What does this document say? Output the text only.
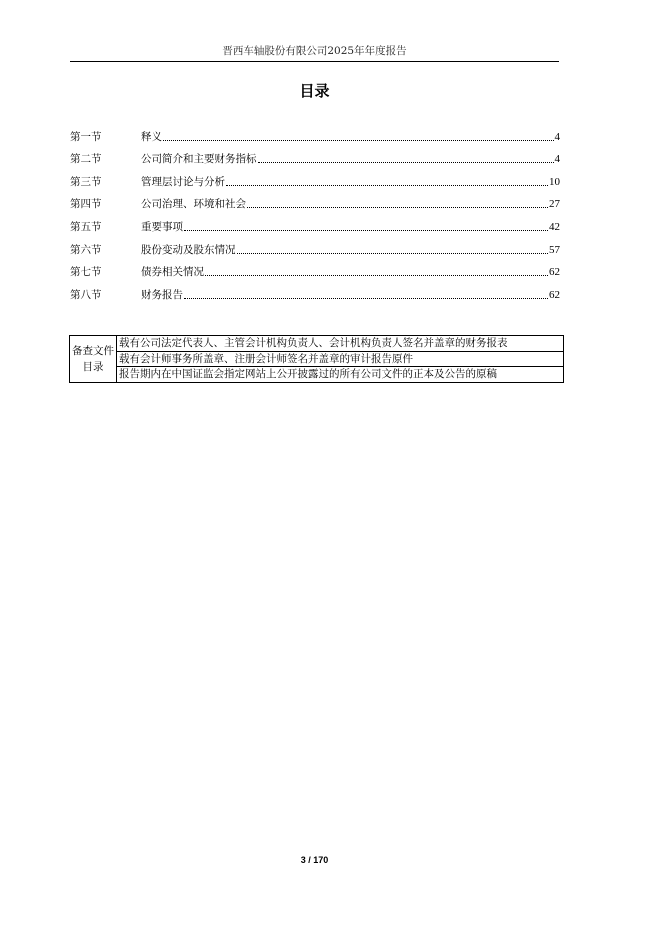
晋西车轴股份有限公司2025年年度报告
目录
第一节	释义	4
第二节	公司简介和主要财务指标	4
第三节	管理层讨论与分析	10
第四节	公司治理、环境和社会	27
第五节	重要事项	42
第六节	股份变动及股东情况	57
第七节	债券相关情况	62
第八节	财务报告	62
备查文件目录	载有公司法定代表人、主管会计机构负责人、会计机构负责人签名并盖章的财务报表
载有会计师事务所盖章、注册会计师签名并盖章的审计报告原件
报告期内在中国证监会指定网站上公开披露过的所有公司文件的正本及公告的原稿
3 / 170
